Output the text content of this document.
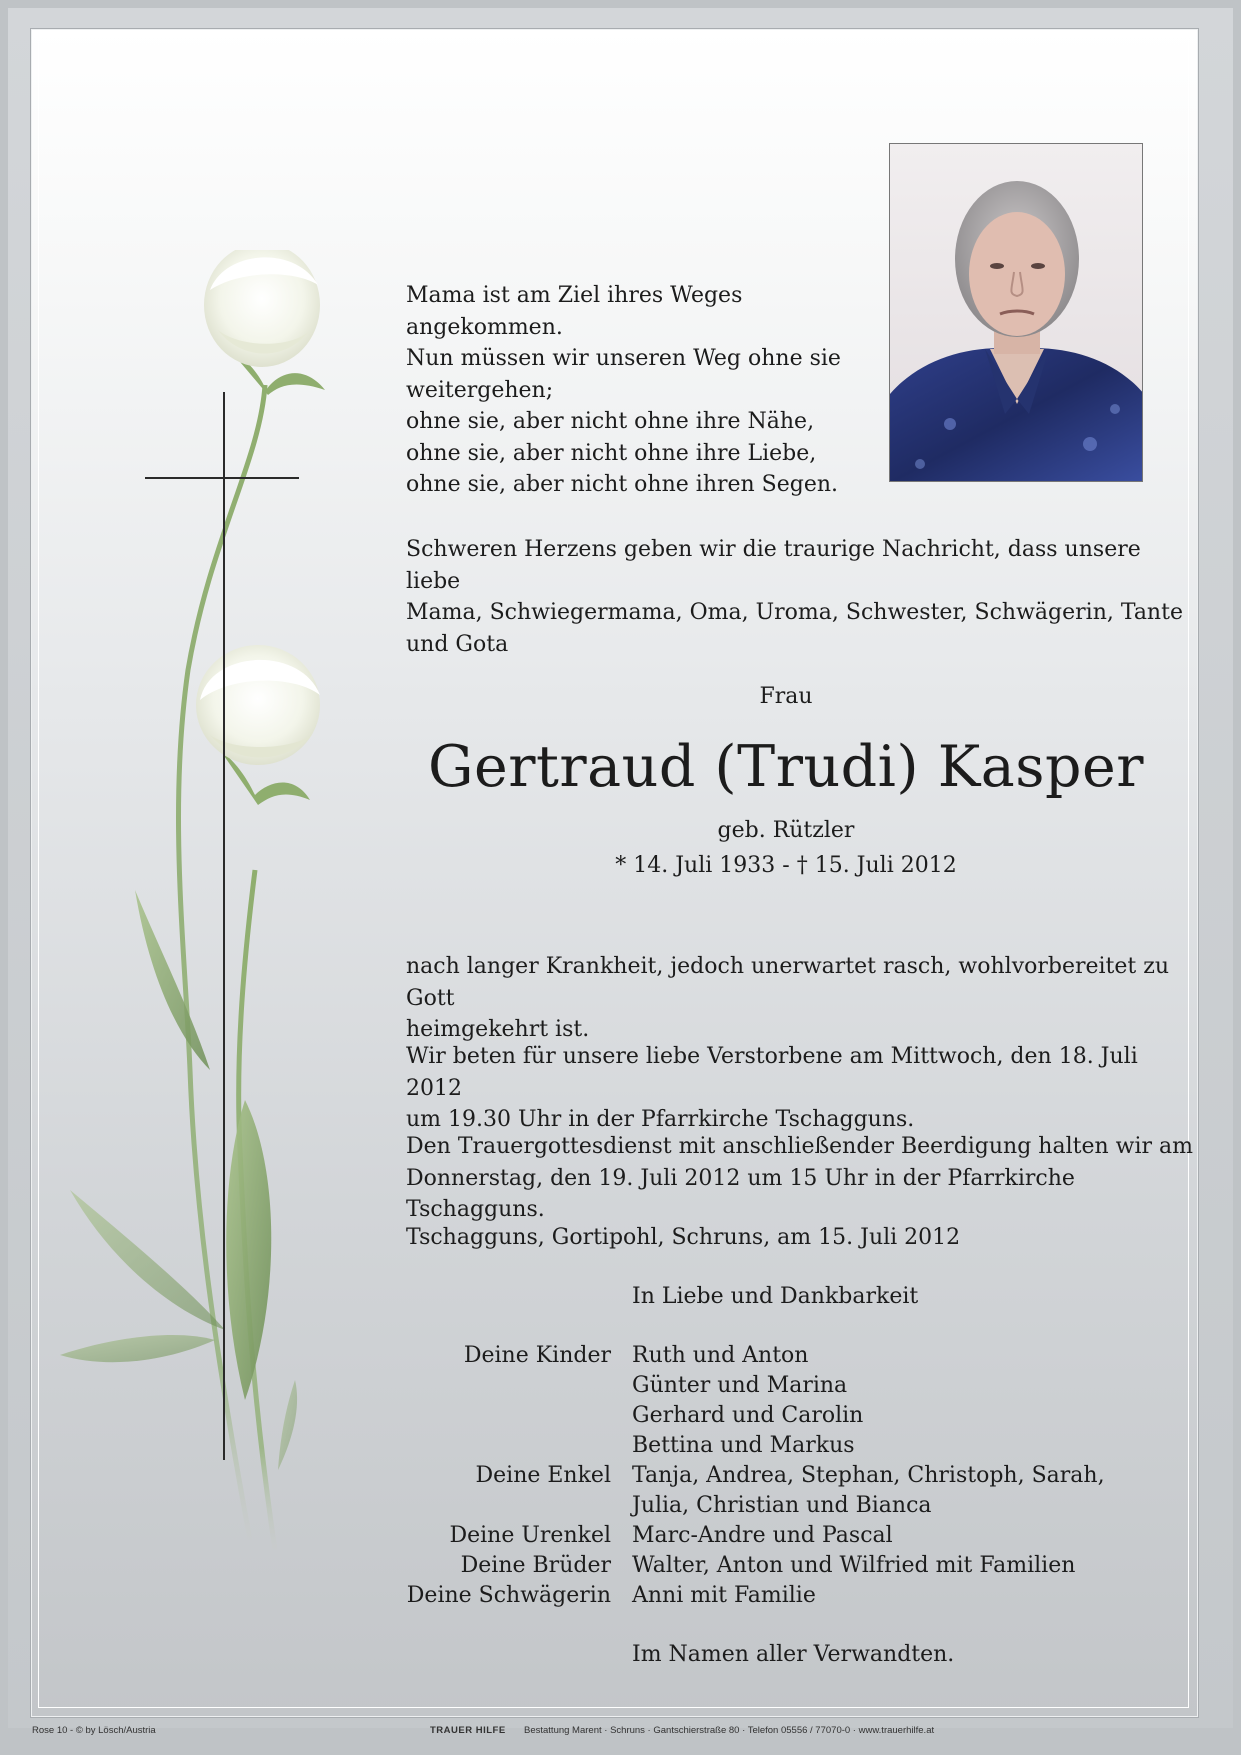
Mama ist am Ziel ihres Weges angekommen.
Nun müssen wir unseren Weg ohne sie
weitergehen;
ohne sie, aber nicht ohne ihre Nähe,
ohne sie, aber nicht ohne ihre Liebe,
ohne sie, aber nicht ohne ihren Segen.
Schweren Herzens geben wir die traurige Nachricht, dass unsere liebe
Mama, Schwiegermama, Oma, Uroma, Schwester, Schwägerin, Tante
und Gota
Frau
Gertraud (Trudi) Kasper
geb. Rützler
* 14. Juli 1933 - † 15. Juli 2012
nach langer Krankheit, jedoch unerwartet rasch, wohlvorbereitet zu Gott
heimgekehrt ist.
Wir beten für unsere liebe Verstorbene am Mittwoch, den 18. Juli 2012
um 19.30 Uhr in der Pfarrkirche Tschagguns.
Den Trauergottesdienst mit anschließender Beerdigung halten wir am
Donnerstag, den 19. Juli 2012 um 15 Uhr in der Pfarrkirche Tschagguns.
Tschagguns, Gortipohl, Schruns, am 15. Juli 2012
In Liebe und Dankbarkeit
Deine Kinder Ruth und Anton
Günter und Marina
Gerhard und Carolin
Bettina und Markus
Deine Enkel Tanja, Andrea, Stephan, Christoph, Sarah,
Julia, Christian und Bianca
Deine Urenkel Marc-Andre und Pascal
Deine Brüder Walter, Anton und Wilfried mit Familien
Deine Schwägerin Anni mit Familie
Im Namen aller Verwandten.
Rose 10 - © by Lösch/Austria	TRAUER HILFE Bestattung Marent · Schruns · Gantschierstraße 80 · Telefon 05556 / 77070-0 · www.trauerhilfe.at
